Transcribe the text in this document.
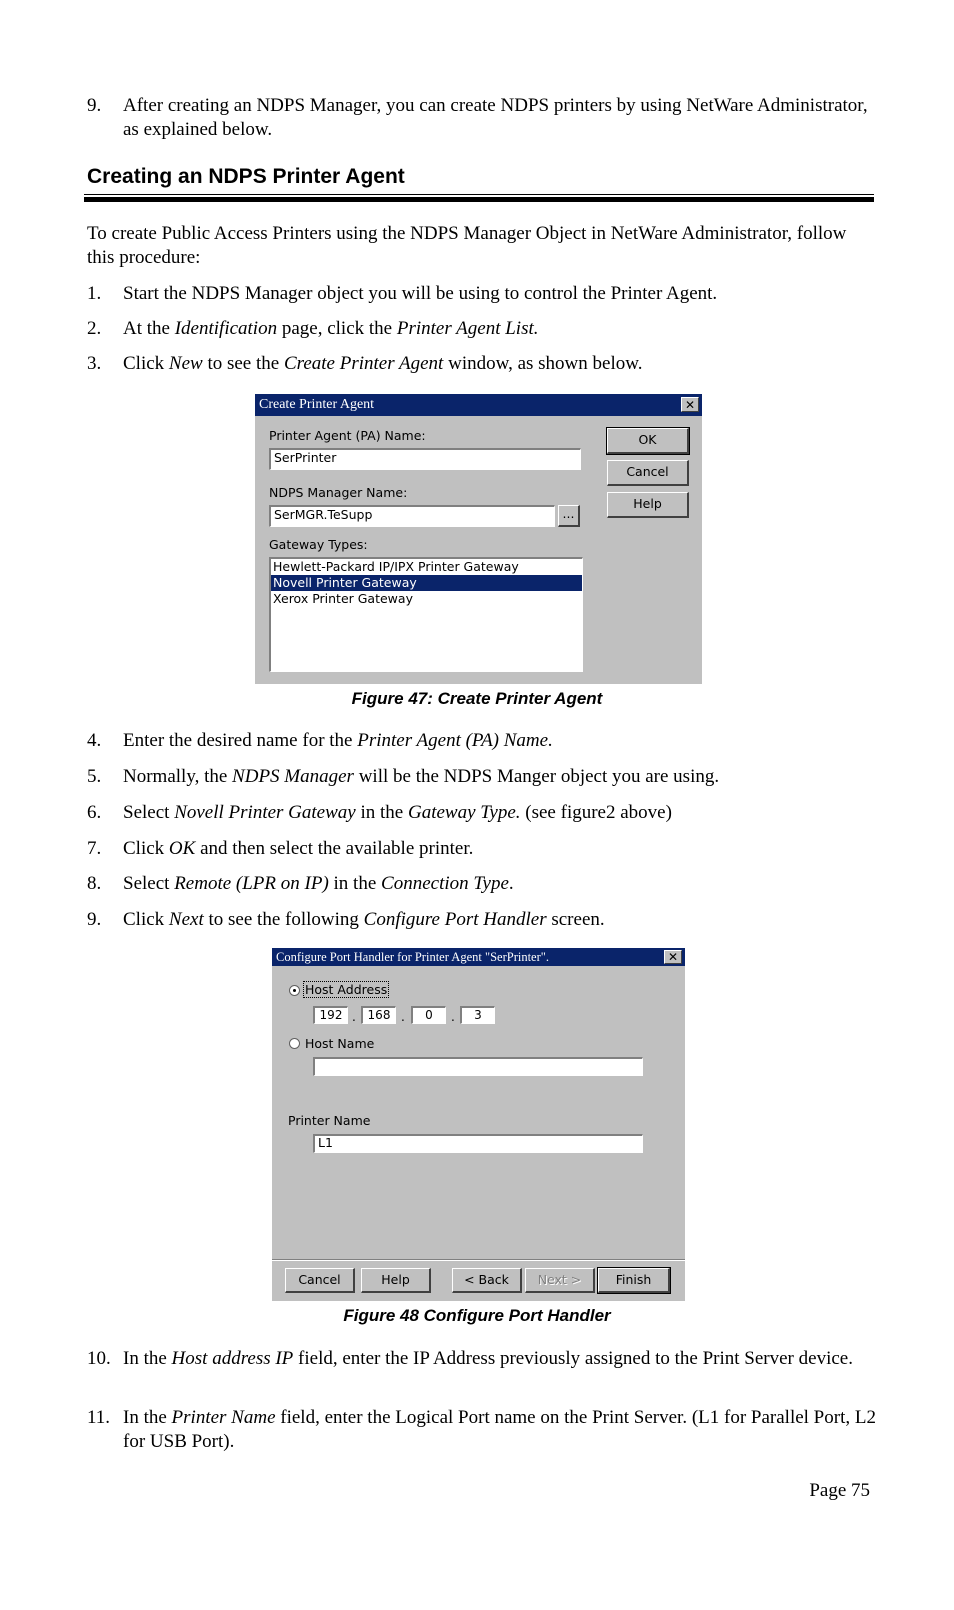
9. After creating an NDPS Manager, you can create NDPS printers by using NetWare Administrator, as explained below.
Creating an NDPS Printer Agent
To create Public Access Printers using the NDPS Manager Object in NetWare Administrator, follow this procedure:
1. Start the NDPS Manager object you will be using to control the Printer Agent.
2. At the Identification page, click the Printer Agent List.
3. Click New to see the Create Printer Agent window, as shown below.
Create Printer Agent	✕
Printer Agent (PA) Name:
SerPrinter
NDPS Manager Name:
SerMGR.TeSupp	...
Gateway Types:
Hewlett-Packard IP/IPX Printer Gateway
Novell Printer Gateway
Xerox Printer Gateway
OK
Cancel
Help
Figure 47: Create Printer Agent
4. Enter the desired name for the Printer Agent (PA) Name.
5. Normally, the NDPS Manager will be the NDPS Manger object you are using.
6. Select Novell Printer Gateway in the Gateway Type. (see figure2 above)
7. Click OK and then select the available printer.
8. Select Remote (LPR on IP) in the Connection Type.
9. Click Next to see the following Configure Port Handler screen.
Configure Port Handler for Printer Agent "SerPrinter".	✕
Host Address
192 . 168 .	0	.	3
Host Name
Printer Name
L1
Cancel	Help	< Back	Next >	Finish
Figure 48 Configure Port Handler
10. In the Host address IP field, enter the IP Address previously assigned to the Print Server device.
11. In the Printer Name field, enter the Logical Port name on the Print Server. (L1 for Parallel Port, L2 for USB Port).
Page 75
